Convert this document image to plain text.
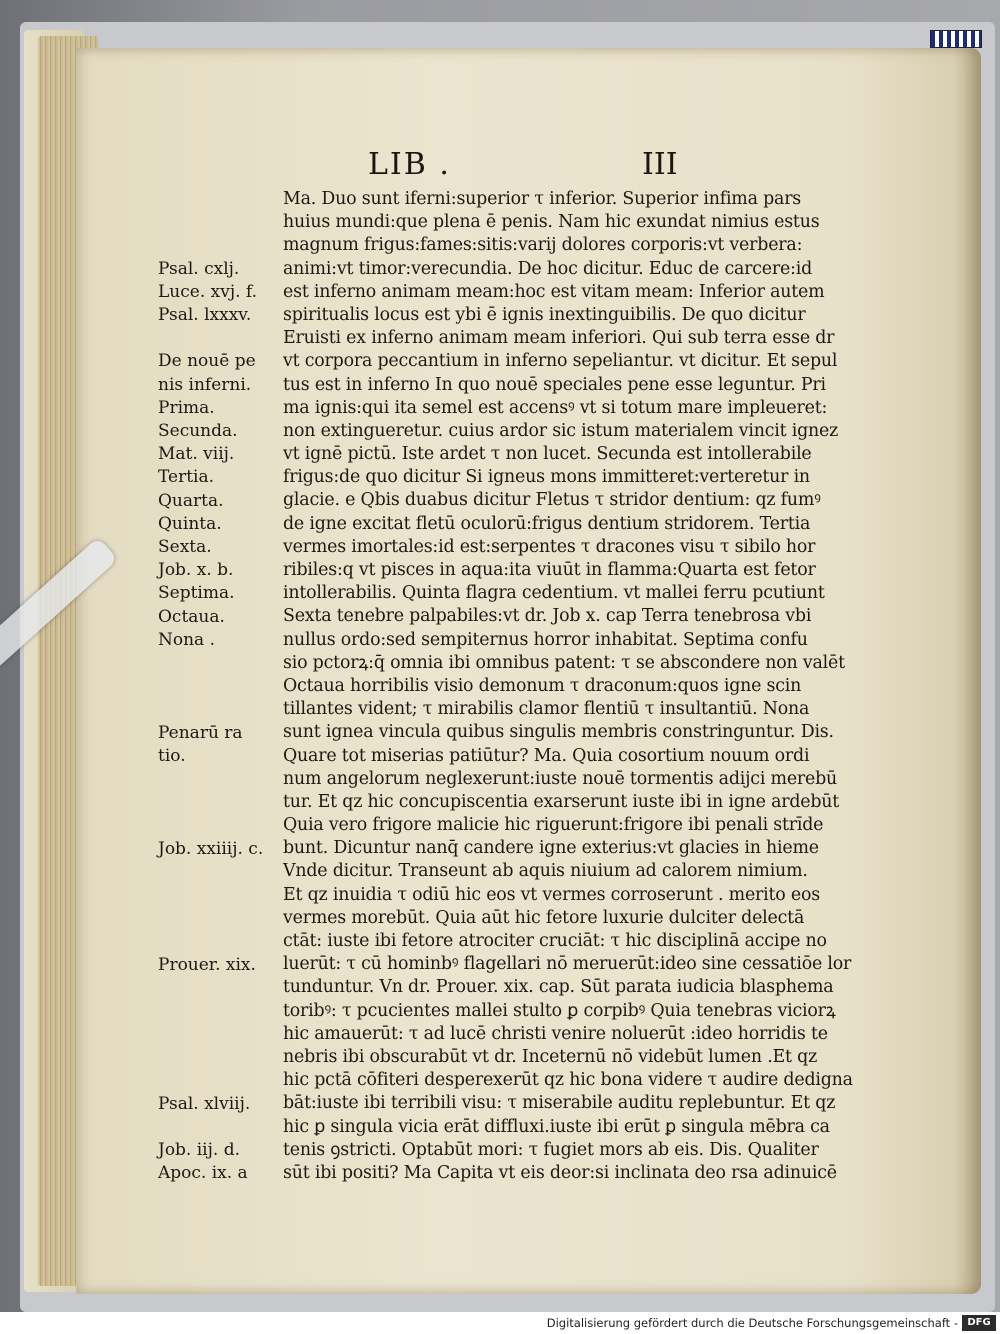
LIB .	III
Ma. Duo sunt iferni:superior τ inferior. Superior infima pars
huius mundi:que plena ē penis. Nam hic exundat nimius estus
magnum frigus:fames:sitis:varij dolores corporis:vt verbera:
animi:vt timor:verecundia. De hoc dicitur. Educ de carcere:id
est inferno animam meam:hoc est vitam meam: Inferior autem
spiritualis locus est ybi ē ignis inextinguibilis. De quo dicitur
Eruisti ex inferno animam meam inferiori. Qui sub terra esse dr
vt corpora peccantium in inferno sepeliantur. vt dicitur. Et sepul
tus est in inferno In quo nouē speciales pene esse leguntur. Pri
ma ignis:qui ita semel est accensꝰ vt si totum mare impleueret:
non extingueretur. cuius ardor sic istum materialem vincit ignez
vt ignē pictū. Iste ardet τ non lucet. Secunda est intollerabile
frigus:de quo dicitur Si igneus mons immitteret:verteretur in
glacie. e Qbis duabus dicitur Fletus τ stridor dentium: qz fumꝰ
de igne excitat fletū oculorū:frigus dentium stridorem. Tertia
vermes imortales:id est:serpentes τ dracones visu τ sibilo hor
ribiles:q vt pisces in aqua:ita viuūt in flamma:Quarta est fetor
intollerabilis. Quinta flagra cedentium. vt mallei ferru pcutiunt
Sexta tenebre palpabiles:vt dr. Job x. cap Terra tenebrosa vbi
nullus ordo:sed sempiternus horror inhabitat. Septima confu
sio pctorꝝ:q̄ omnia ibi omnibus patent: τ se abscondere non valēt
Octaua horribilis visio demonum τ draconum:quos igne scin
tillantes vident; τ mirabilis clamor flentiū τ insultantiū. Nona
sunt ignea vincula quibus singulis membris constringuntur. Dis.
Quare tot miserias patiūtur? Ma. Quia cosortium nouum ordi
num angelorum neglexerunt:iuste nouē tormentis adijci merebū
tur. Et qz hic concupiscentia exarserunt iuste ibi in igne ardebūt
Quia vero frigore malicie hic riguerunt:frigore ibi penali strīde
bunt. Dicuntur nanq̄ candere igne exterius:vt glacies in hieme
Vnde dicitur. Transeunt ab aquis niuium ad calorem nimium.
Et qz inuidia τ odiū hic eos vt vermes corroserunt . merito eos
vermes morebūt. Quia aūt hic fetore luxurie dulciter delectā
ctāt: iuste ibi fetore atrociter cruciāt: τ hic disciplinā accipe no
luerūt: τ cū hominbꝰ flagellari nō meruerūt:ideo sine cessatiōe lor
tunduntur. Vn dr. Prouer. xix. cap. Sūt parata iudicia blasphema
toribꝰ: τ pcucientes mallei stulto ꝑ corpibꝰ Quia tenebras viciorꝝ
hic amauerūt: τ ad lucē christi venire noluerūt :ideo horridis te
nebris ibi obscurabūt vt dr. Inceternū nō videbūt lumen .Et qz
hic pctā cōfiteri desperexerūt qz hic bona videre τ audire dedigna
bāt:iuste ibi terribili visu: τ miserabile auditu replebuntur. Et qz
hic ꝑ singula vicia erāt diffluxi.iuste ibi erūt ꝑ singula mēbra ca
tenis ꝯstricti. Optabūt mori: τ fugiet mors ab eis. Dis. Qualiter
sūt ibi positi? Ma Capita vt eis deor:si inclinata deo rsa adinuicē
Psal. cxlj.
Luce. xvj. f.
Psal. lxxxv.
De nouē pe
nis inferni.
Prima.
Secunda.
Mat. viij.
Tertia.
Quarta.
Quinta.
Sexta.
Job. x. b.
Septima.
Octaua.
Nona .
Penarū ra
tio.
Job. xxiiij. c.
Prouer. xix.
Psal. xlviij.
Job. iij. d.
Apoc. ix. a
Digitalisierung gefördert durch die Deutsche Forschungsgemeinschaft - DFG
